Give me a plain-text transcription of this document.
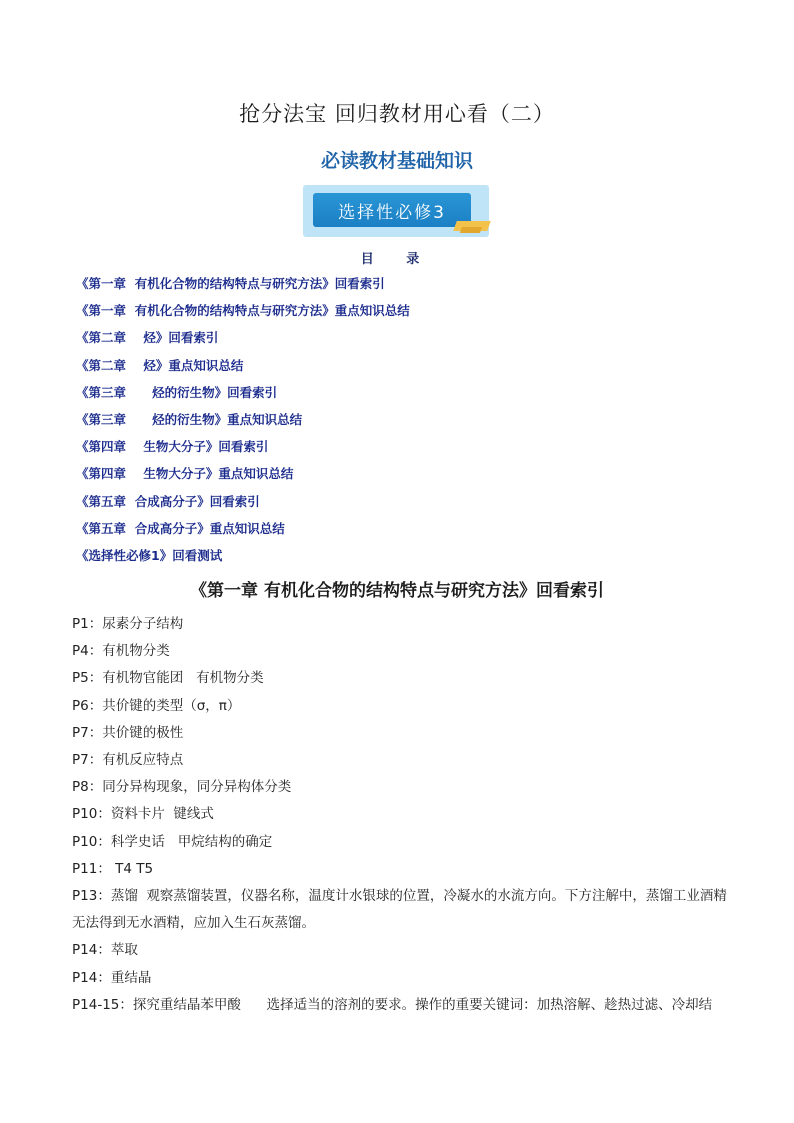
抢分法宝 回归教材用心看（二）
必读教材基础知识
选择性必修3
目 录
《第一章  有机化合物的结构特点与研究方法》回看索引
《第一章  有机化合物的结构特点与研究方法》重点知识总结
《第二章    烃》回看索引
《第二章    烃》重点知识总结
《第三章      烃的衍生物》回看索引
《第三章      烃的衍生物》重点知识总结
《第四章    生物大分子》回看索引
《第四章    生物大分子》重点知识总结
《第五章  合成高分子》回看索引
《第五章  合成高分子》重点知识总结
《选择性必修1》回看测试
《第一章 有机化合物的结构特点与研究方法》回看索引
P1：尿素分子结构
P4：有机物分类
P5：有机物官能团   有机物分类
P6：共价键的类型（σ，π）
P7：共价键的极性
P7：有机反应特点
P8：同分异构现象，同分异构体分类
P10：资料卡片  键线式
P10：科学史话   甲烷结构的确定
P11： T4 T5
P13：蒸馏  观察蒸馏装置，仪器名称，温度计水银球的位置，冷凝水的水流方向。下方注解中，蒸馏工业酒精无法得到无水酒精，应加入生石灰蒸馏。
P14：萃取
P14：重结晶
P14-15：探究重结晶苯甲酸      选择适当的溶剂的要求。操作的重要关键词：加热溶解、趁热过滤、冷却结
